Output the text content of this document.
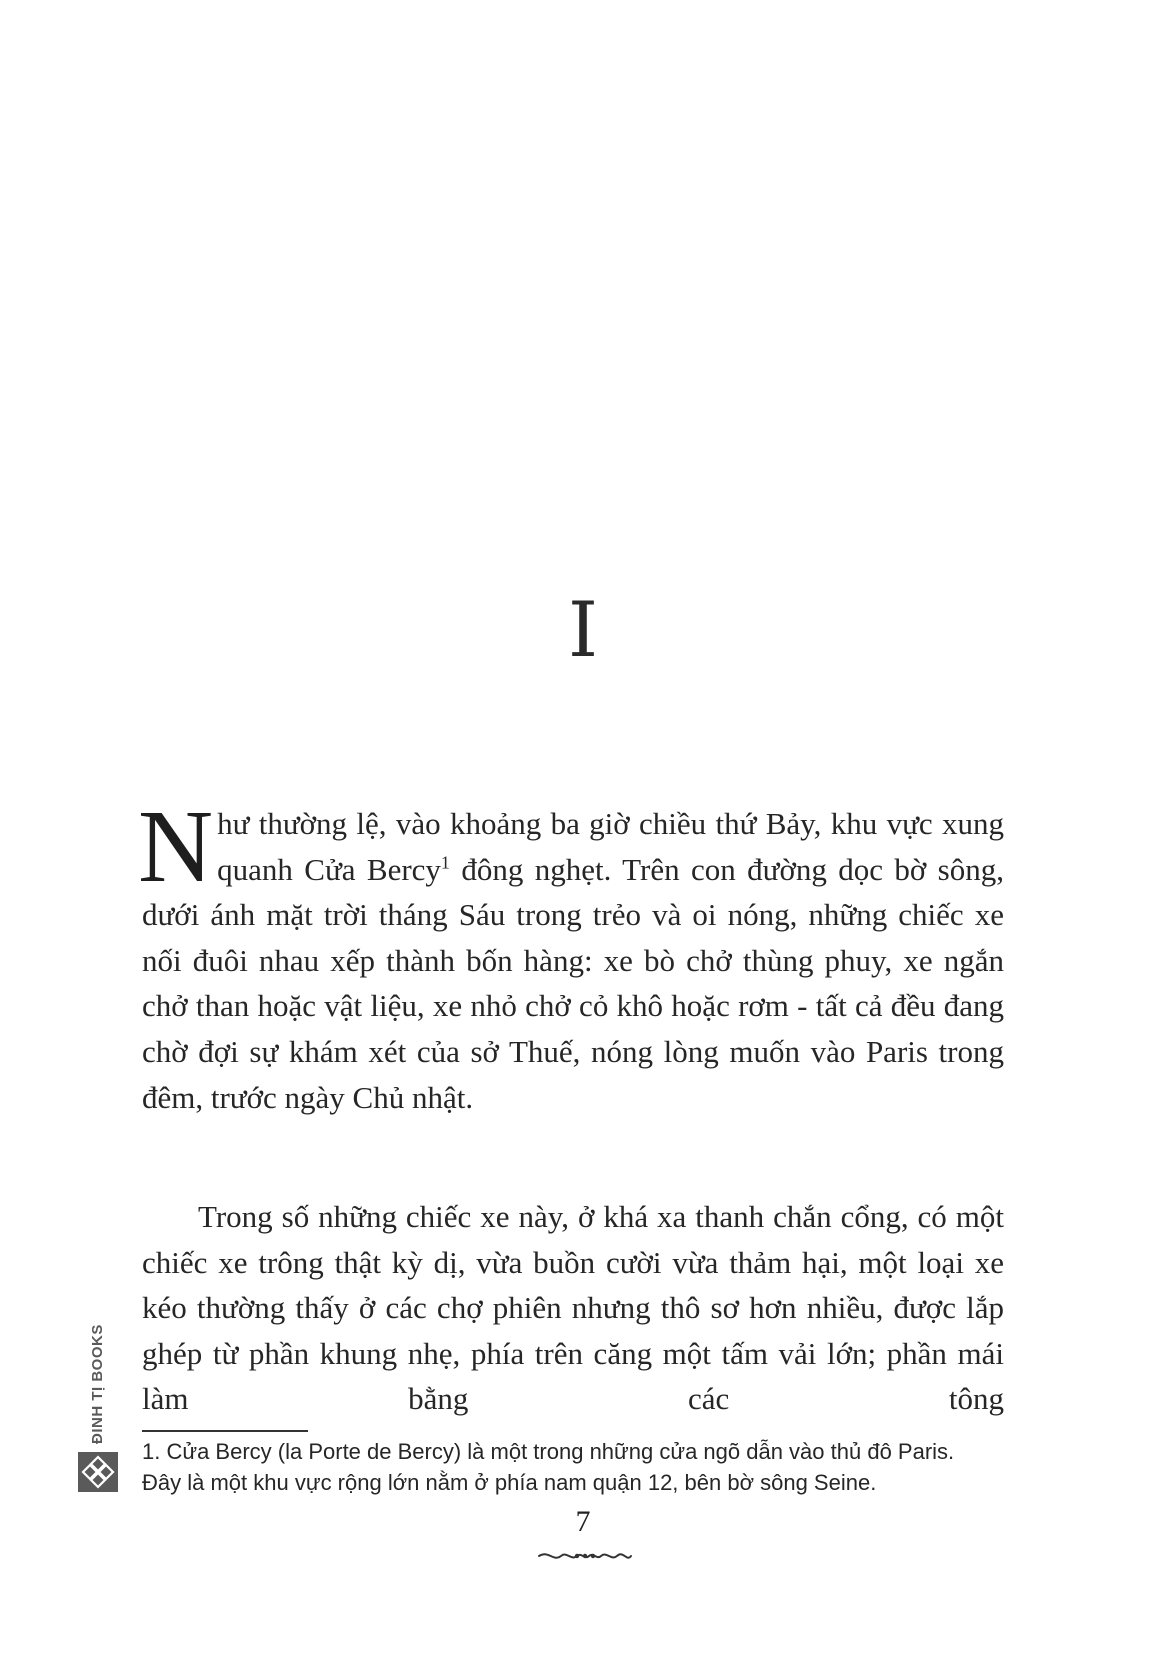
I
Như thường lệ, vào khoảng ba giờ chiều thứ Bảy, khu vực xung quanh Cửa Bercy$^1$ đông nghẹt. Trên con đường dọc bờ sông, dưới ánh mặt trời tháng Sáu trong trẻo và oi nóng, những chiếc xe nối đuôi nhau xếp thành bốn hàng: xe bò chở thùng phuy, xe ngắn chở than hoặc vật liệu, xe nhỏ chở cỏ khô hoặc rơm - tất cả đều đang chờ đợi sự khám xét của sở Thuế, nóng lòng muốn vào Paris trong đêm, trước ngày Chủ nhật.
Trong số những chiếc xe này, ở khá xa thanh chắn cổng, có một chiếc xe trông thật kỳ dị, vừa buồn cười vừa thảm hại, một loại xe kéo thường thấy ở các chợ phiên nhưng thô sơ hơn nhiều, được lắp ghép từ phần khung nhẹ, phía trên căng một tấm vải lớn; phần mái làm bằng các tông
1. Cửa Bercy (la Porte de Bercy) là một trong những cửa ngõ dẫn vào thủ đô Paris.
Đây là một khu vực rộng lớn nằm ở phía nam quận 12, bên bờ sông Seine.
7
ĐINH TỊ BOOKS
